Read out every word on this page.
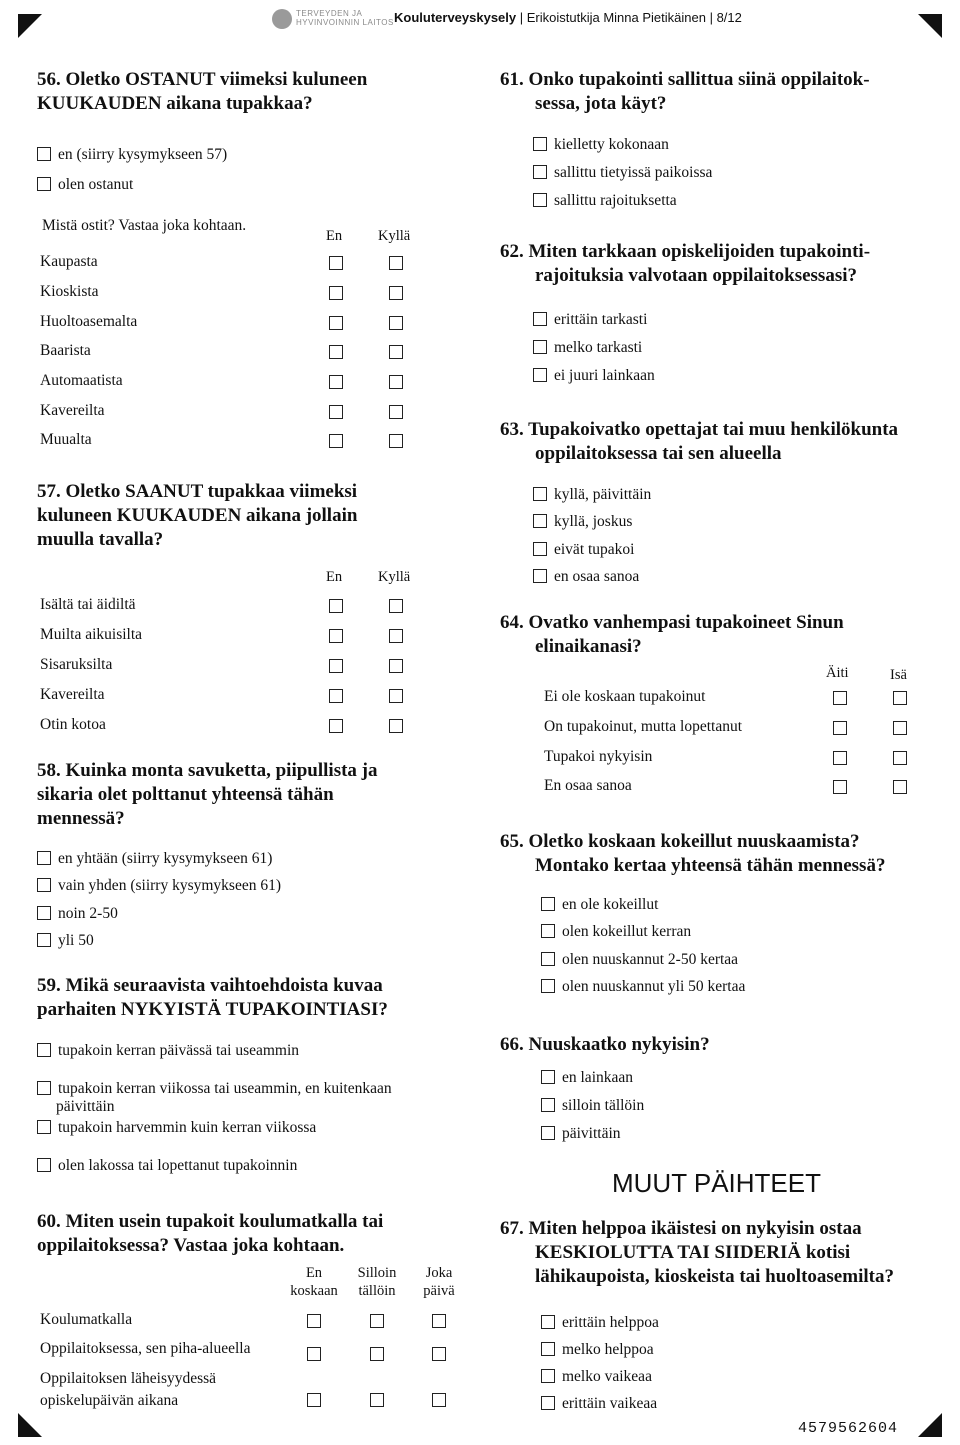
TERVEYDEN JA
HYVINVOINNIN LAITOS Kouluterveyskysely | Erikoistutkija Minna Pietikäinen | 8/12
56. Oletko OSTANUT viimeksi kuluneen
KUUKAUDEN aikana tupakkaa?
en (siirry kysymykseen 57)
olen ostanut
Mistä ostit? Vastaa joka kohtaan.
En Kyllä
Kaupasta
Kioskista
Huoltoasemalta
Baarista
Automaatista
Kavereilta
Muualta
57. Oletko SAANUT tupakkaa viimeksi
kuluneen KUUKAUDEN aikana jollain
muulla tavalla?
En Kyllä
Isältä tai äidiltä
Muilta aikuisilta
Sisaruksilta
Kavereilta
Otin kotoa
58. Kuinka monta savuketta, piipullista ja
sikaria olet polttanut yhteensä tähän
mennessä?
en yhtään (siirry kysymykseen 61)
vain yhden (siirry kysymykseen 61)
noin 2-50
yli 50
59. Mikä seuraavista vaihtoehdoista kuvaa
parhaiten NYKYISTÄ TUPAKOINTIASI?
tupakoin kerran päivässä tai useammin
tupakoin kerran viikossa tai useammin, en kuitenkaan
päivittäin
tupakoin harvemmin kuin kerran viikossa
olen lakossa tai lopettanut tupakoinnin
60. Miten usein tupakoit koulumatkalla tai
oppilaitoksessa? Vastaa joka kohtaan.
En
koskaan
Silloin
tällöin
Joka
päivä
Koulumatkalla
Oppilaitoksessa, sen piha-alueella
Oppilaitoksen läheisyydessä
opiskelupäivän aikana
61. Onko tupakointi sallittua siinä oppilaitok-
sessa, jota käyt?
kielletty kokonaan
sallittu tietyissä paikoissa
sallittu rajoituksetta
62. Miten tarkkaan opiskelijoiden tupakointi-
rajoituksia valvotaan oppilaitoksessasi?
erittäin tarkasti
melko tarkasti
ei juuri lainkaan
63. Tupakoivatko opettajat tai muu henkilökunta
oppilaitoksessa tai sen alueella
kyllä, päivittäin
kyllä, joskus
eivät tupakoi
en osaa sanoa
64. Ovatko vanhempasi tupakoineet Sinun
elinaikanasi?
Äiti	Isä
Ei ole koskaan tupakoinut
On tupakoinut, mutta lopettanut
Tupakoi nykyisin
En osaa sanoa
65. Oletko koskaan kokeillut nuuskaamista?
Montako kertaa yhteensä tähän mennessä?
en ole kokeillut
olen kokeillut kerran
olen nuuskannut 2-50 kertaa
olen nuuskannut yli 50 kertaa
66. Nuuskaatko nykyisin?
en lainkaan
silloin tällöin
päivittäin
MUUT PÄIHTEET
67. Miten helppoa ikäistesi on nykyisin ostaa
KESKIOLUTTA TAI SIIDERIÄ kotisi
lähikaupoista, kioskeista tai huoltoasemilta?
erittäin helppoa
melko helppoa
melko vaikeaa
erittäin vaikeaa
4579562604
